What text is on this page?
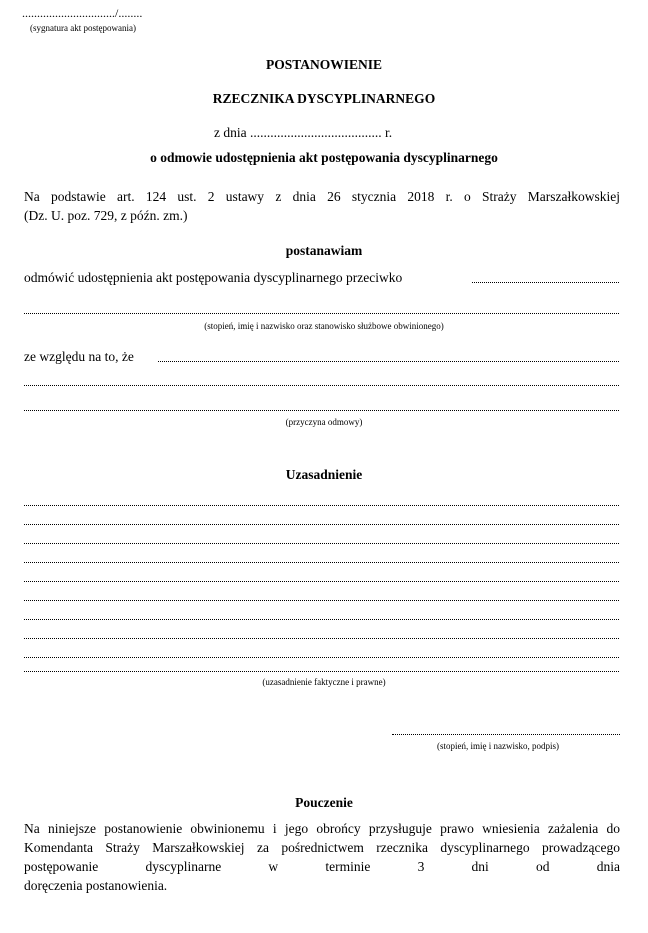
.............................../........
(sygnatura akt postępowania)
POSTANOWIENIE
RZECZNIKA DYSCYPLINARNEGO
z dnia ....................................... r.
o odmowie udostępnienia akt postępowania dyscyplinarnego
Na podstawie art. 124 ust. 2 ustawy z dnia 26 stycznia 2018 r. o Straży Marszałkowskiej
(Dz. U. poz. 729, z późn. zm.)
postanawiam
odmówić udostępnienia akt postępowania dyscyplinarnego przeciwko
(stopień, imię i nazwisko oraz stanowisko służbowe obwinionego)
ze względu na to, że
(przyczyna odmowy)
Uzasadnienie
(uzasadnienie faktyczne i prawne)
(stopień, imię i nazwisko, podpis)
Pouczenie
Na niniejsze postanowienie obwinionemu i jego obrońcy przysługuje prawo wniesienia zażalenia do Komendanta Straży Marszałkowskiej za pośrednictwem rzecznika dyscyplinarnego prowadzącego postępowanie dyscyplinarne w terminie 3 dni od dnia
doręczenia postanowienia.
